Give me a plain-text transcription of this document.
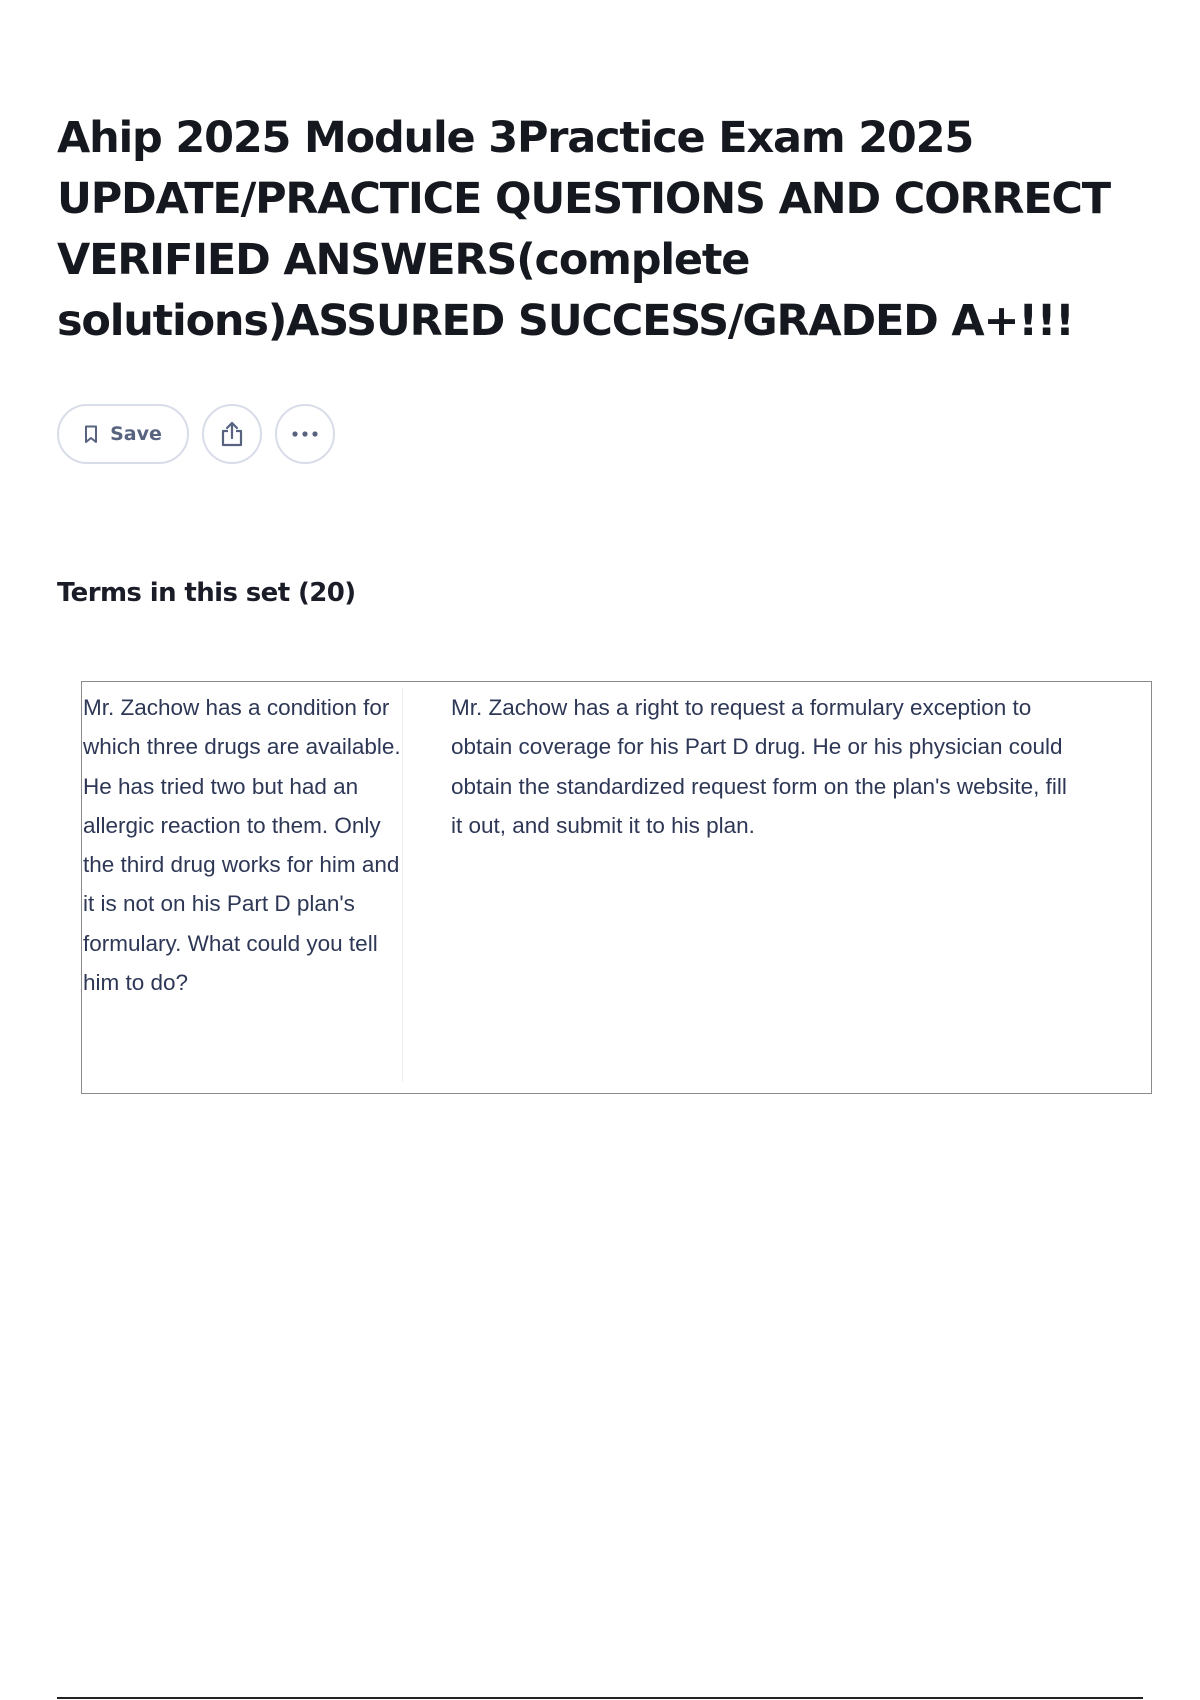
Ahip 2025 Module 3Practice Exam 2025 UPDATE/PRACTICE QUESTIONS AND CORRECT VERIFIED ANSWERS(complete solutions)ASSURED SUCCESS/GRADED A+!!!
Save
Terms in this set (20)
Mr. Zachow has a condition for which three drugs are available. He has tried two but had an allergic reaction to them. Only the third drug works for him and it is not on his Part D plan's formulary. What could you tell him to do?
Mr. Zachow has a right to request a formulary exception to obtain coverage for his Part D drug. He or his physician could obtain the standardized request form on the plan's website, fill it out, and submit it to his plan.
